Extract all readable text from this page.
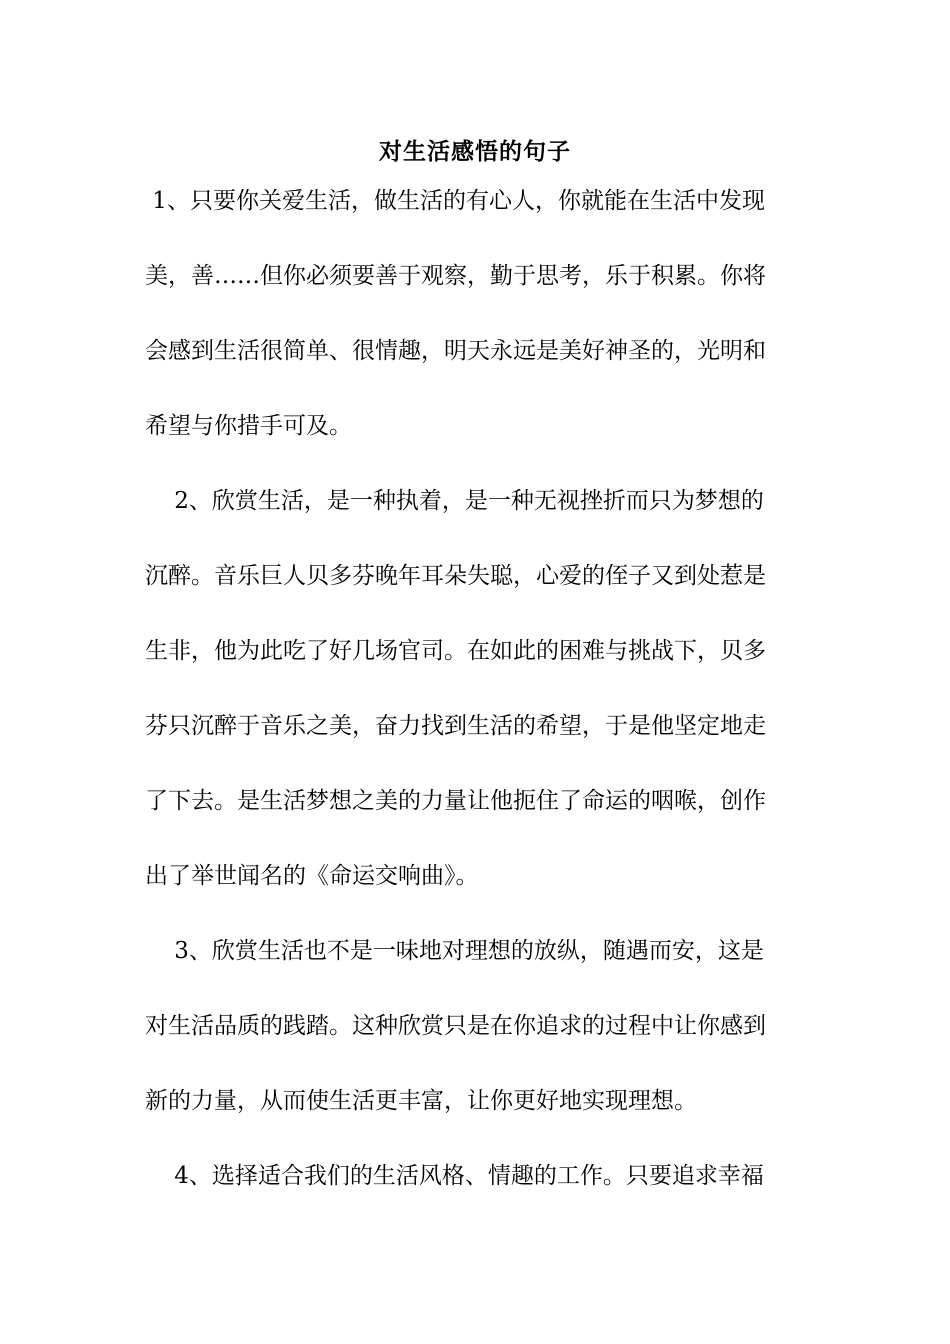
对生活感悟的句子
1、只要你关爱生活，做生活的有心人，你就能在生活中发现
美，善……但你必须要善于观察，勤于思考，乐于积累。你将
会感到生活很简单、很情趣，明天永远是美好神圣的，光明和
希望与你措手可及。
2、欣赏生活，是一种执着，是一种无视挫折而只为梦想的
沉醉。音乐巨人贝多芬晚年耳朵失聪，心爱的侄子又到处惹是
生非，他为此吃了好几场官司。在如此的困难与挑战下，贝多
芬只沉醉于音乐之美，奋力找到生活的希望，于是他坚定地走
了下去。是生活梦想之美的力量让他扼住了命运的咽喉，创作
出了举世闻名的《命运交响曲》。
3、欣赏生活也不是一味地对理想的放纵，随遇而安，这是
对生活品质的践踏。这种欣赏只是在你追求的过程中让你感到
新的力量，从而使生活更丰富，让你更好地实现理想。
4、选择适合我们的生活风格、情趣的工作。只要追求幸福
